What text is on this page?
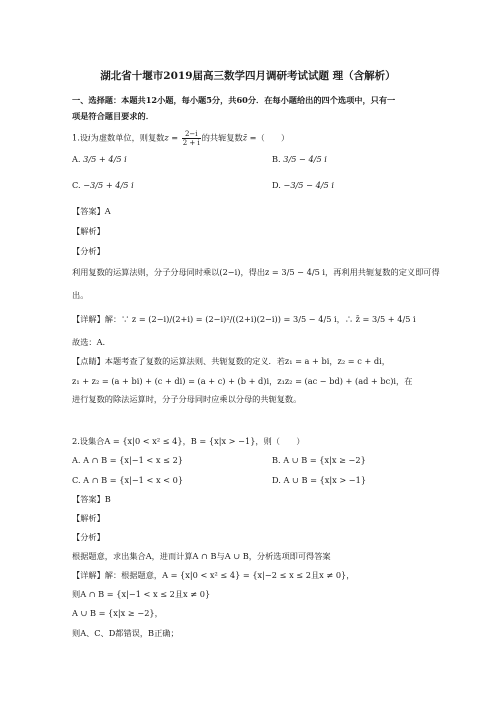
湖北省十堰市2019届高三数学四月调研考试试题 理（含解析）
一、选择题：本题共12小题，每小题5分，共60分．在每小题给出的四个选项中，只有一
项是符合题目要求的．
1.设i为虚数单位，则复数$z = \frac{2-i}{2 + i}$ 的共轭复数z̄ =（　　）
A. 3/5 + 4/5 i	B. 3/5 − 4/5 i
C. −3/5 + 4/5 i	D. −3/5 − 4/5 i
【答案】A
【解析】
【分析】
利用复数的运算法则，分子分母同时乘以(2−i)，得出z = 3/5 − 4/5 i，再利用共轭复数的定义即可得
出。
【详解】解：∵ z = (2−i)/(2+i) = (2−i)²/((2+i)(2−i)) = 3/5 − 4/5 i，∴ z̄ = 3/5 + 4/5 i
故选：A.
【点睛】本题考查了复数的运算法则、共轭复数的定义．若z₁ = a + bi，z₂ = c + di，
z₁ + z₂ = (a + bi) + (c + di) = (a + c) + (b + d)i，z₁z₂ = (ac − bd) + (ad + bc)i，在
进行复数的除法运算时，分子分母同时应乘以分母的共轭复数。
2.设集合A = {x|0 < x² ≤ 4}，B = {x|x > −1}，则（　　）
A. A ∩ B = {x|−1 < x ≤ 2}	B. A ∪ B = {x|x ≥ −2}
C. A ∩ B = {x|−1 < x < 0}	D. A ∪ B = {x|x > −1}
【答案】B
【解析】
【分析】
根据题意，求出集合A，进而计算A ∩ B与A ∪ B，分析选项即可得答案
【详解】解：根据题意，A = {x|0 < x² ≤ 4} = {x|−2 ≤ x ≤ 2且x ≠ 0}，
则A ∩ B = {x|−1 < x ≤ 2且x ≠ 0}
A ∪ B = {x|x ≥ −2}，
则A、C、D都错误，B正确；
